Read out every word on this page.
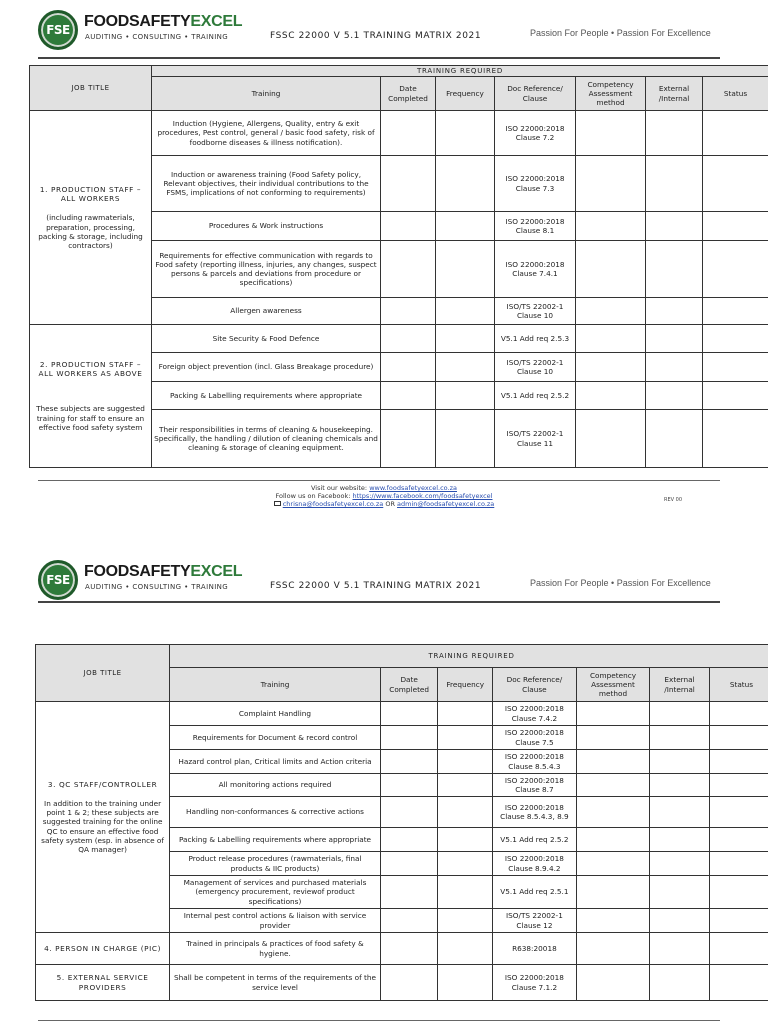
FSE FOODSAFETYEXCEL
AUDITING • CONSULTING • TRAINING	FSSC 22000 V 5.1 TRAINING MATRIX 2021	Passion For People • Passion For Excellence
JOB TITLE	TRAINING REQUIRED						
	Training	Date Completed	Frequency	Doc Reference/ Clause	Competency Assessment method	External /Internal	Status

1. PRODUCTION STAFF – ALL WORKERS
(including rawmaterials, preparation, processing, packing & storage, including contractors)	Induction (Hygiene, Allergens, Quality, entry & exit procedures, Pest control, general / basic food safety, risk of foodborne diseases & illness notification).			ISO 22000:2018 Clause 7.2			
	Induction or awareness training (Food Safety policy, Relevant objectives, their individual contributions to the FSMS, implications of not conforming to requirements)			ISO 22000:2018 Clause 7.3			
	Procedures & Work instructions			ISO 22000:2018 Clause 8.1			
	Requirements for effective communication with regards to Food safety (reporting illness, injuries, any changes, suspect persons & parcels and deviations from procedure or specifications)			ISO 22000:2018 Clause 7.4.1			
	Allergen awareness			ISO/TS 22002-1 Clause 10			

2. PRODUCTION STAFF – ALL WORKERS AS ABOVE
These subjects are suggested training for staff to ensure an effective food safety system	Site Security & Food Defence			V5.1 Add req 2.5.3			
	Foreign object prevention (incl. Glass Breakage procedure)			ISO/TS 22002-1 Clause 10			
	Packing & Labelling requirements where appropriate			V5.1 Add req 2.5.2			
	Their responsibilities in terms of cleaning & housekeeping. Specifically, the handling / dilution of cleaning chemicals and cleaning & storage of cleaning equipment.			ISO/TS 22002-1 Clause 11			
Visit our website: www.foodsafetyexcel.co.za
Follow us on Facebook: https://www.facebook.com/foodsafetyexcel
chrisna@foodsafetyexcel.co.za OR admin@foodsafetyexcel.co.za	REV 00
FSE FOODSAFETYEXCEL
AUDITING • CONSULTING • TRAINING	FSSC 22000 V 5.1 TRAINING MATRIX 2021	Passion For People • Passion For Excellence
JOB TITLE	TRAINING REQUIRED						
	Training	Date Completed	Frequency	Doc Reference/ Clause	Competency Assessment method	External /Internal	Status

3. QC STAFF/CONTROLLER
In addition to the training under point 1 & 2; these subjects are suggested training for the online QC to ensure an effective food safety system (esp. in absence of QA manager)	Complaint Handling			ISO 22000:2018 Clause 7.4.2			
	Requirements for Document & record control			ISO 22000:2018 Clause 7.5			
	Hazard control plan, Critical limits and Action criteria			ISO 22000:2018 Clause 8.5.4.3			
	All monitoring actions required			ISO 22000:2018 Clause 8.7			
	Handling non-conformances & corrective actions			ISO 22000:2018 Clause 8.5.4.3, 8.9			
	Packing & Labelling requirements where appropriate			V5.1 Add req 2.5.2			
	Product release procedures (rawmaterials, final products & IIC products)			ISO 22000:2018 Clause 8.9.4.2			
	Management of services and purchased materials (emergency procurement, reviewof product specifications)			V5.1 Add req 2.5.1			
	Internal pest control actions & liaison with service provider			ISO/TS 22002-1 Clause 12			

4. PERSON IN CHARGE (PIC)	Trained in principals & practices of food safety & hygiene.			R638:20018			

5. EXTERNAL SERVICE PROVIDERS	Shall be competent in terms of the requirements of the service level			ISO 22000:2018 Clause 7.1.2			
